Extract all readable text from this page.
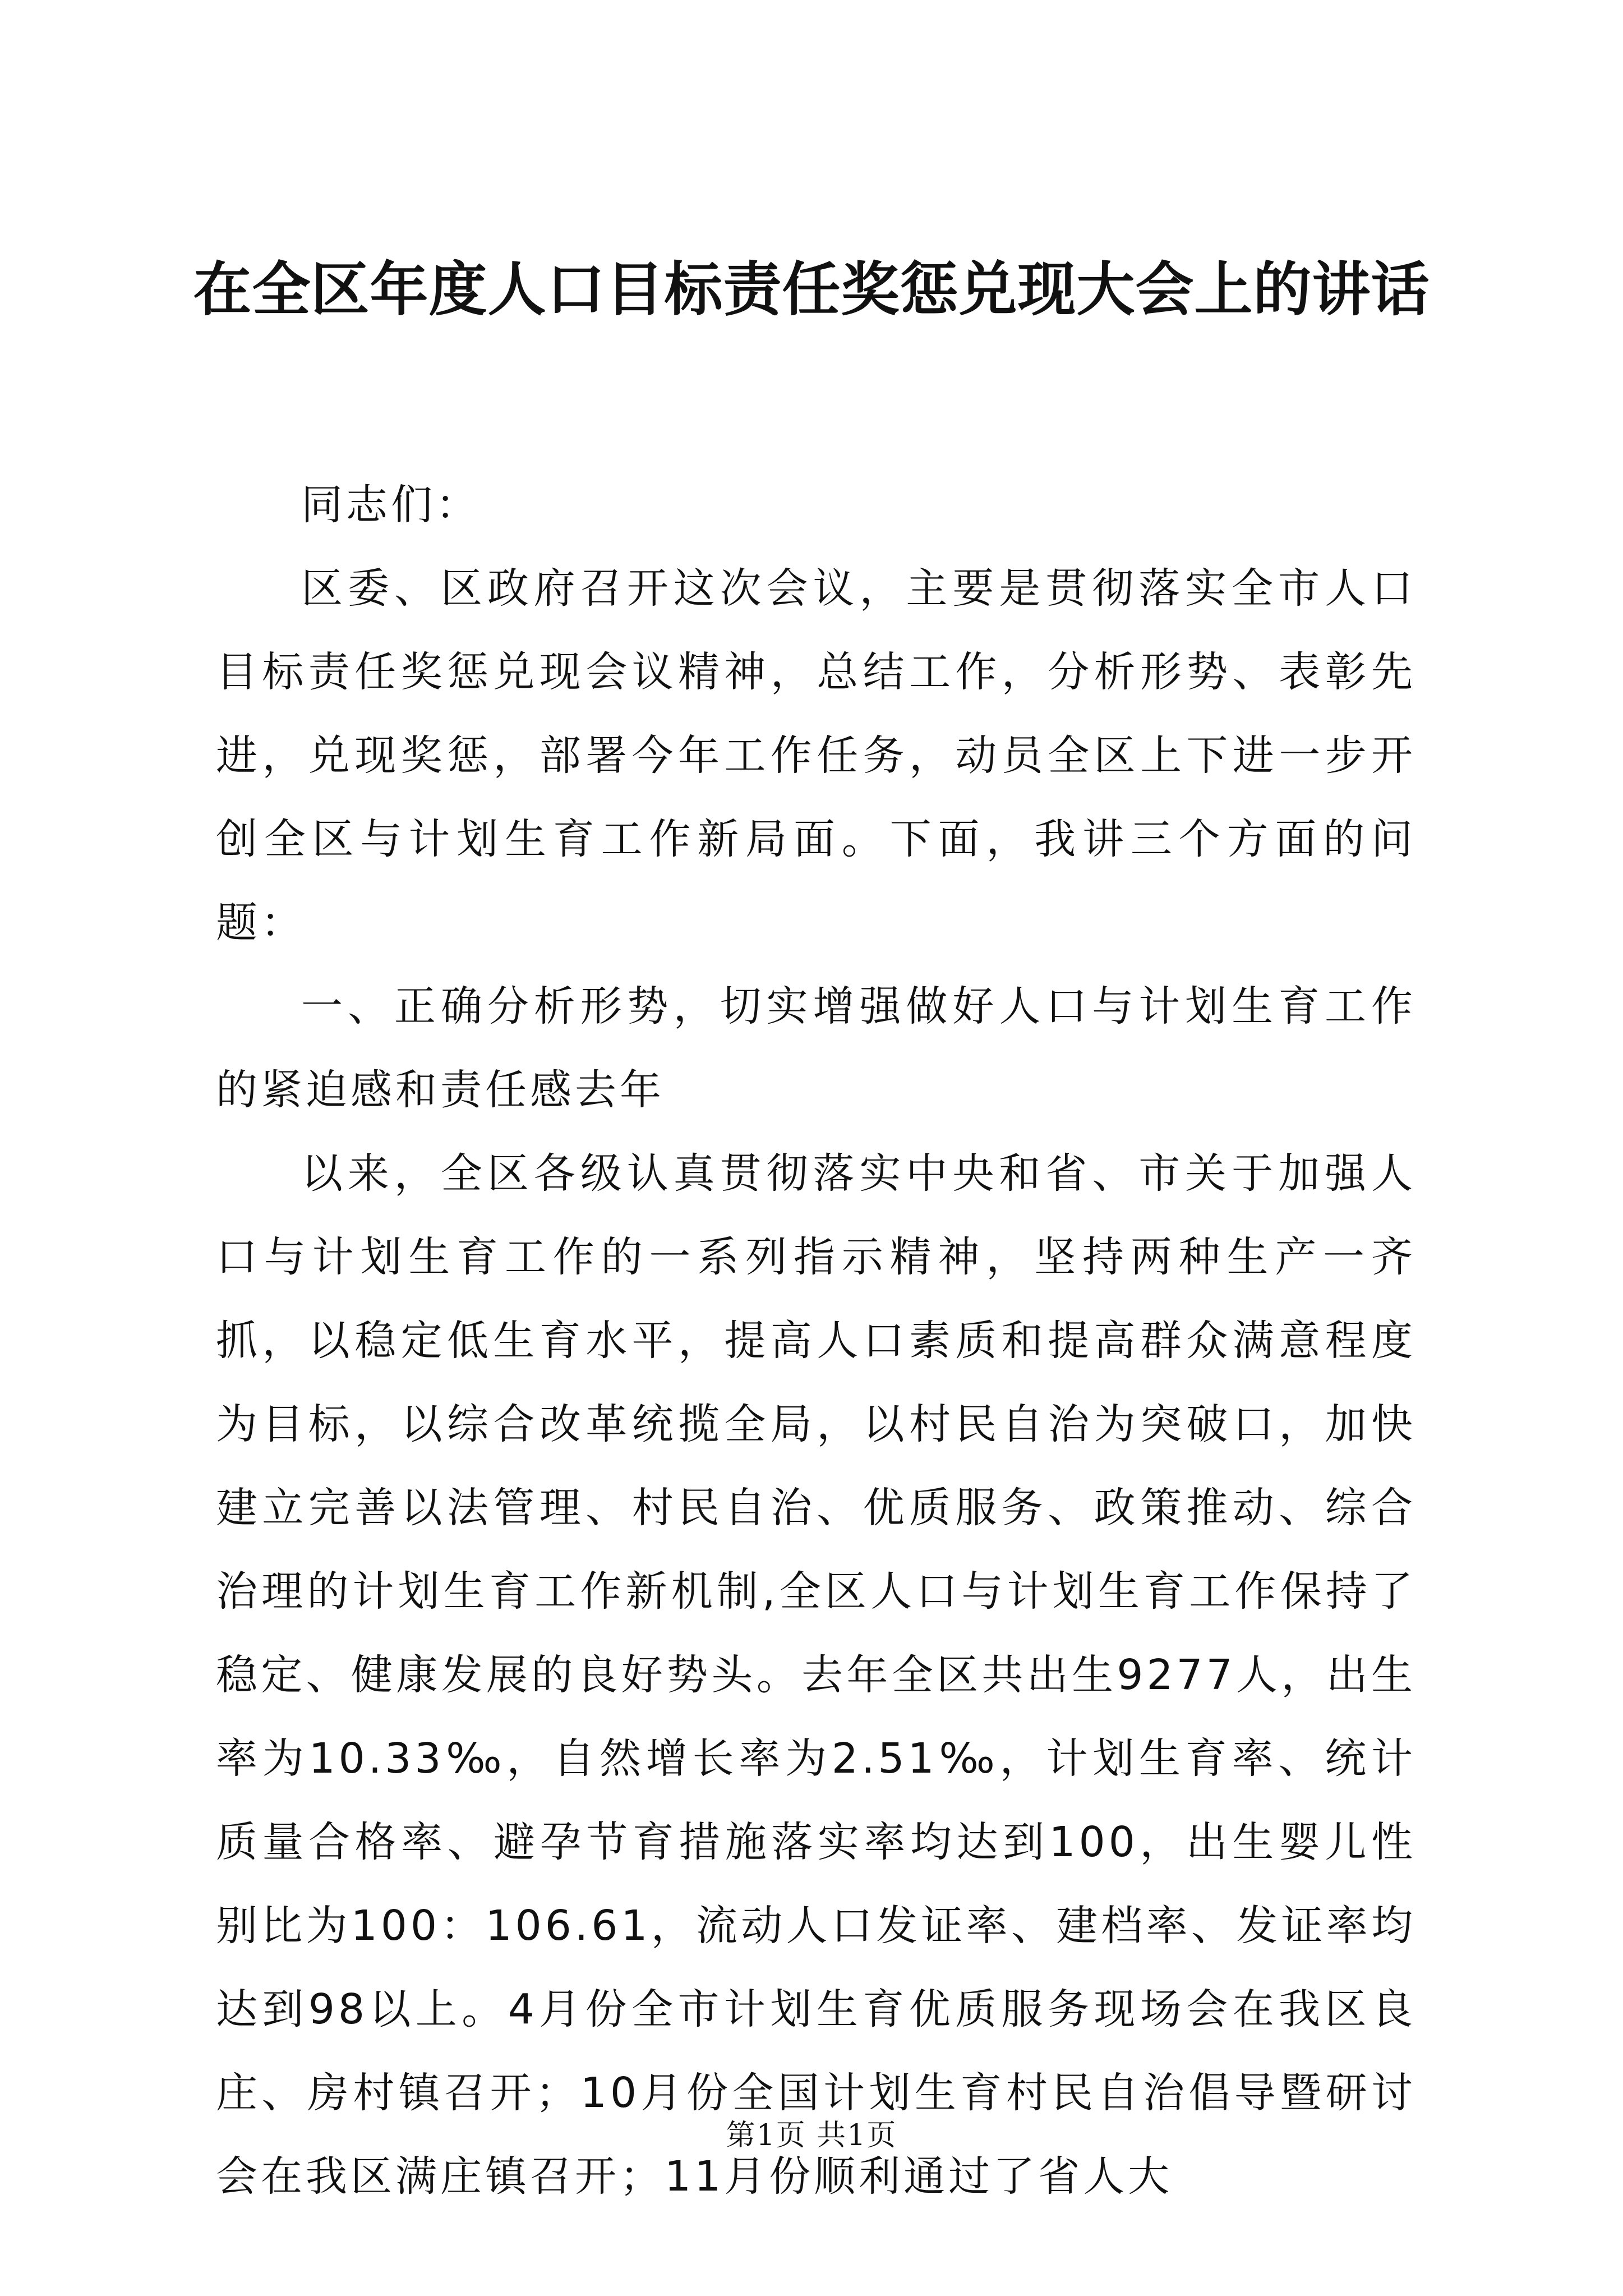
在全区年度人口目标责任奖惩兑现大会上的讲话

同志们：

区委、区政府召开这次会议，主要是贯彻落实全市人口目标责任奖惩兑现会议精神，总结工作，分析形势、表彰先进，兑现奖惩，部署今年工作任务，动员全区上下进一步开创全区与计划生育工作新局面。下面，我讲三个方面的问题：

一、正确分析形势，切实增强做好人口与计划生育工作的紧迫感和责任感去年

以来，全区各级认真贯彻落实中央和省、市关于加强人口与计划生育工作的一系列指示精神，坚持两种生产一齐抓，以稳定低生育水平，提高人口素质和提高群众满意程度为目标，以综合改革统揽全局，以村民自治为突破口，加快建立完善以法管理、村民自治、优质服务、政策推动、综合治理的计划生育工作新机制,全区人口与计划生育工作保持了稳定、健康发展的良好势头。去年全区共出生9277人，出生率为10.33‰，自然增长率为2.51‰，计划生育率、统计质量合格率、避孕节育措施落实率均达到100，出生婴儿性别比为100：106.61，流动人口发证率、建档率、发证率均达到98以上。4月份全市计划生育优质服务现场会在我区良庄、房村镇召开；10月份全国计划生育村民自治倡导暨研讨会在我区满庄镇召开；11月份顺利通过了省人大

第1页 共1页
